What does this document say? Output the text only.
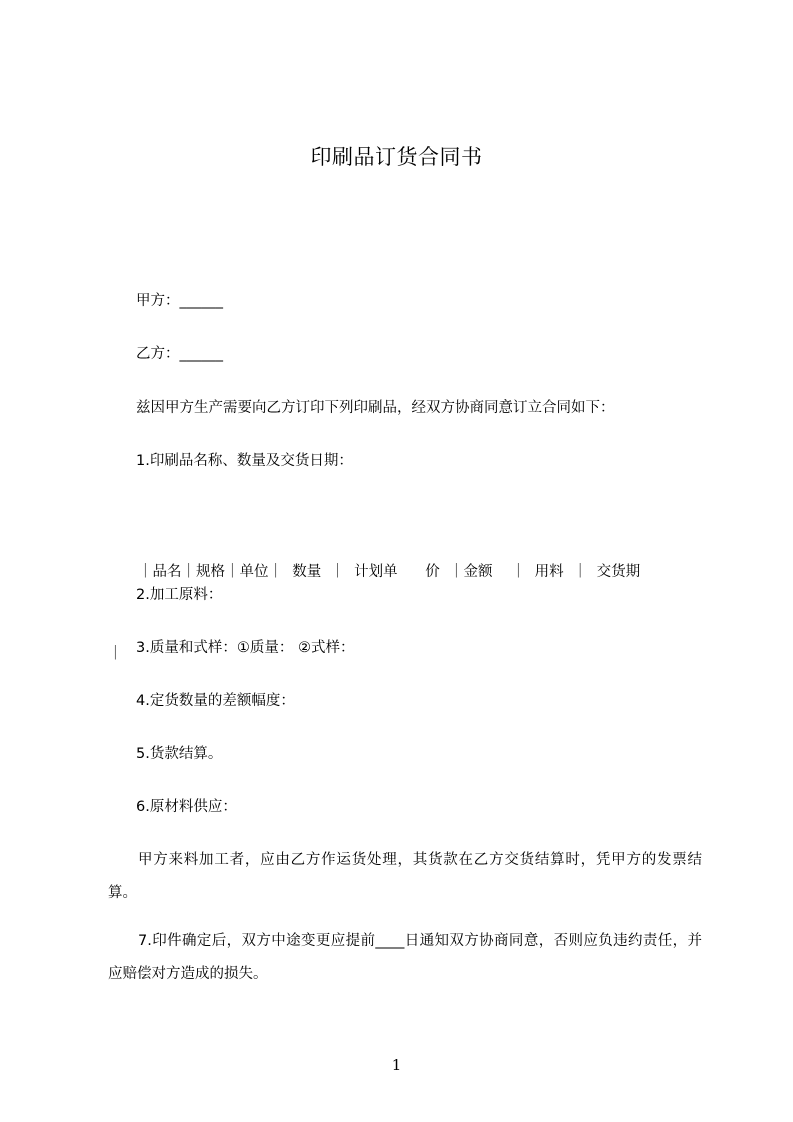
印刷品订货合同书
甲方：______
乙方：______
兹因甲方生产需要向乙方订印下列印刷品，经双方协商同意订立合同如下：
1.印刷品名称、数量及交货日期：

｜品名｜规格｜单位｜  数量  ｜  计划单      价  ｜金额    ｜  用料  ｜  交货期

｜

2.加工原料：
3.质量和式样：①质量： ②式样：
4.定货数量的差额幅度：
5.货款结算。
6.原材料供应：
甲方来料加工者，应由乙方作运货处理，其货款在乙方交货结算时，凭甲方的发票结算。
7.印件确定后，双方中途变更应提前____日通知双方协商同意，否则应负违约责任，并应赔偿对方造成的损失。
1
